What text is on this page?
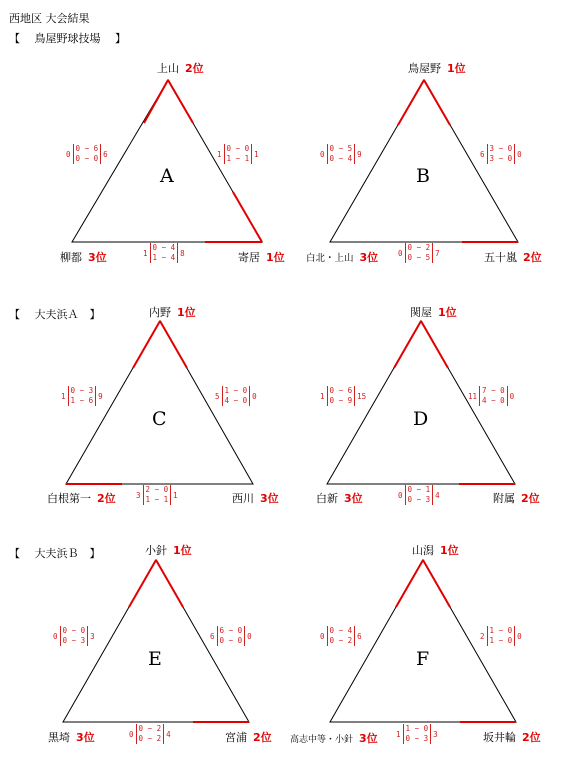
西地区 大会結果
【　 鳥屋野球技場　 】
【　 大夫浜Ａ　】
【　 大夫浜Ｂ　】
上山 2位
柳都 3位	寄居 1位
A
0
0 − 6
0 − 0 6	1
0 − 0
1 − 1 1
1
0 − 4
1 − 4 8
鳥屋野 1位
白北・上山 3位	五十嵐 2位
B
0
0 − 5
0 − 4 9	6
3 − 0
3 − 0 0
0
0 − 2
0 − 5 7
内野 1位
白根第一 2位	西川 3位
C
1
0 − 3
1 − 6 9	5
1 − 0
4 − 0 0
3
2 − 0
1 − 1 1
関屋 1位
白新 3位	附属 2位
D
1
0 − 6
0 − 9 15	11
7 − 0
4 − 0 0
0
0 − 1
0 − 3 4
小針 1位
黒埼 3位	宮浦 2位
E
0
0 − 0
0 − 3 3	6
6 − 0
0 − 0 0
0
0 − 2
0 − 2 4
山潟 1位
高志中等・小針 3位	坂井輪 2位
F
0
0 − 4
0 − 2 6	2
1 − 0
1 − 0 0
1
1 − 0
0 − 3 3
